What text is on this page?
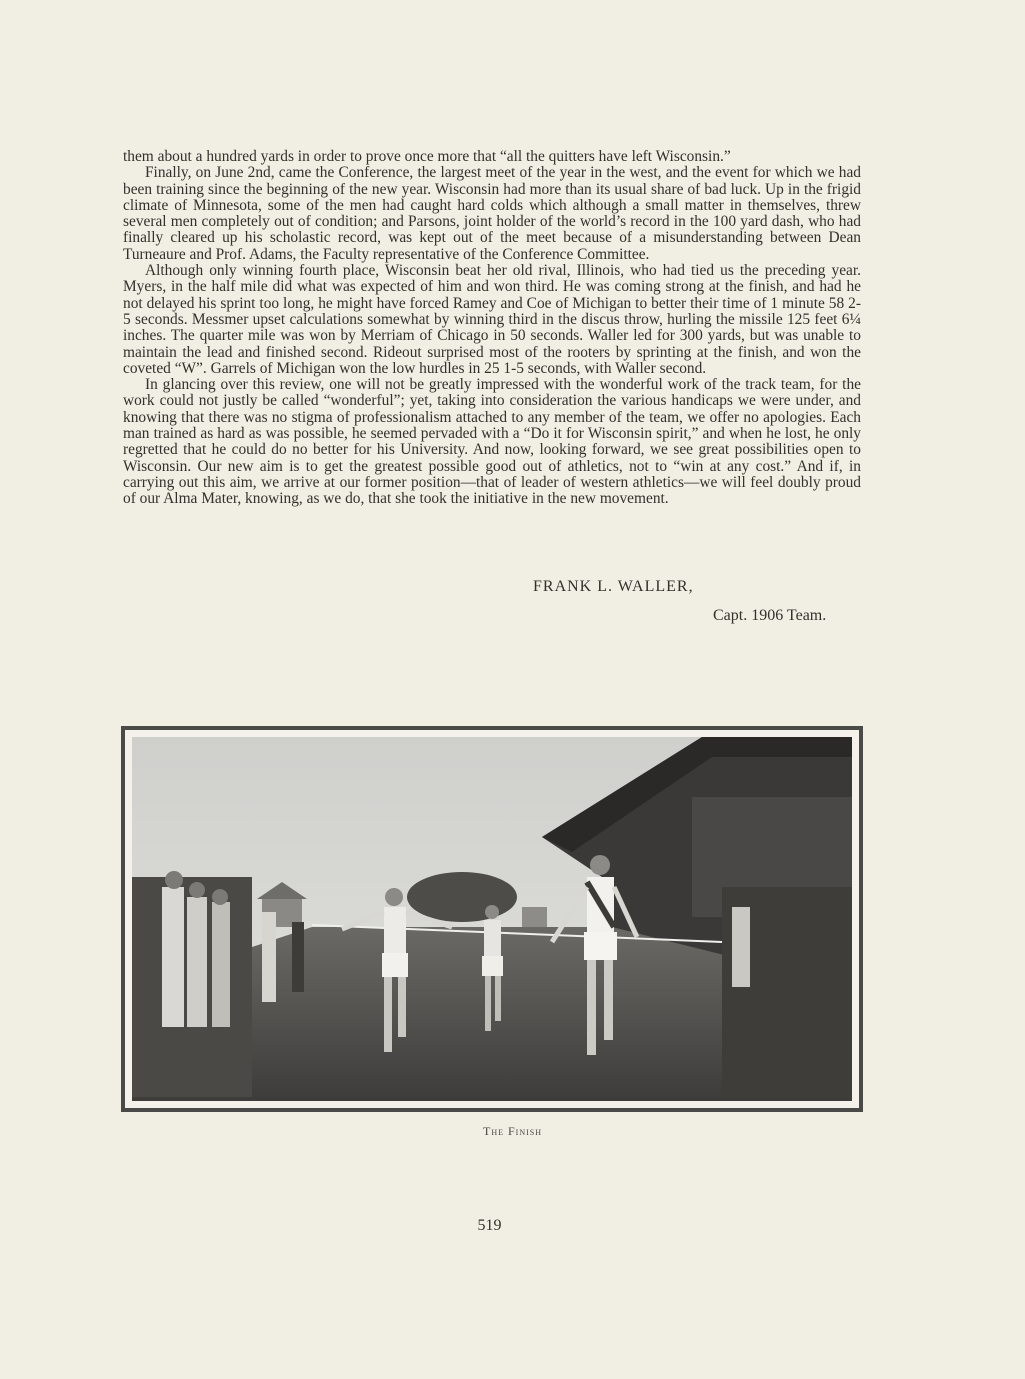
them about a hundred yards in order to prove once more that “all the quitters have left Wisconsin.”

Finally, on June 2nd, came the Conference, the largest meet of the year in the west, and the event for which we had been training since the beginning of the new year. Wisconsin had more than its usual share of bad luck. Up in the frigid climate of Minnesota, some of the men had caught hard colds which although a small matter in themselves, threw several men completely out of condition; and Parsons, joint holder of the world’s record in the 100 yard dash, who had finally cleared up his scholastic record, was kept out of the meet because of a misunderstanding between Dean Turneaure and Prof. Adams, the Faculty representative of the Conference Committee.

Although only winning fourth place, Wisconsin beat her old rival, Illinois, who had tied us the preceding year. Myers, in the half mile did what was expected of him and won third. He was coming strong at the finish, and had he not delayed his sprint too long, he might have forced Ramey and Coe of Michigan to better their time of 1 minute 58 2-5 seconds. Messmer upset calculations somewhat by winning third in the discus throw, hurling the missile 125 feet 6¼ inches. The quarter mile was won by Merriam of Chicago in 50 seconds. Waller led for 300 yards, but was unable to maintain the lead and finished second. Rideout surprised most of the rooters by sprinting at the finish, and won the coveted “W”. Garrels of Michigan won the low hurdles in 25 1-5 seconds, with Waller second.

In glancing over this review, one will not be greatly impressed with the wonderful work of the track team, for the work could not justly be called “wonderful”; yet, taking into consideration the various handicaps we were under, and knowing that there was no stigma of professionalism attached to any member of the team, we offer no apologies. Each man trained as hard as was possible, he seemed pervaded with a “Do it for Wisconsin spirit,” and when he lost, he only regretted that he could do no better for his University. And now, looking forward, we see great possibilities open to Wisconsin. Our new aim is to get the greatest possible good out of athletics, not to “win at any cost.” And if, in carrying out this aim, we arrive at our former position—that of leader of western athletics—we will feel doubly proud of our Alma Mater, knowing, as we do, that she took the initiative in the new movement.

FRANK L. WALLER,
Capt. 1906 Team.
The Finish
519
